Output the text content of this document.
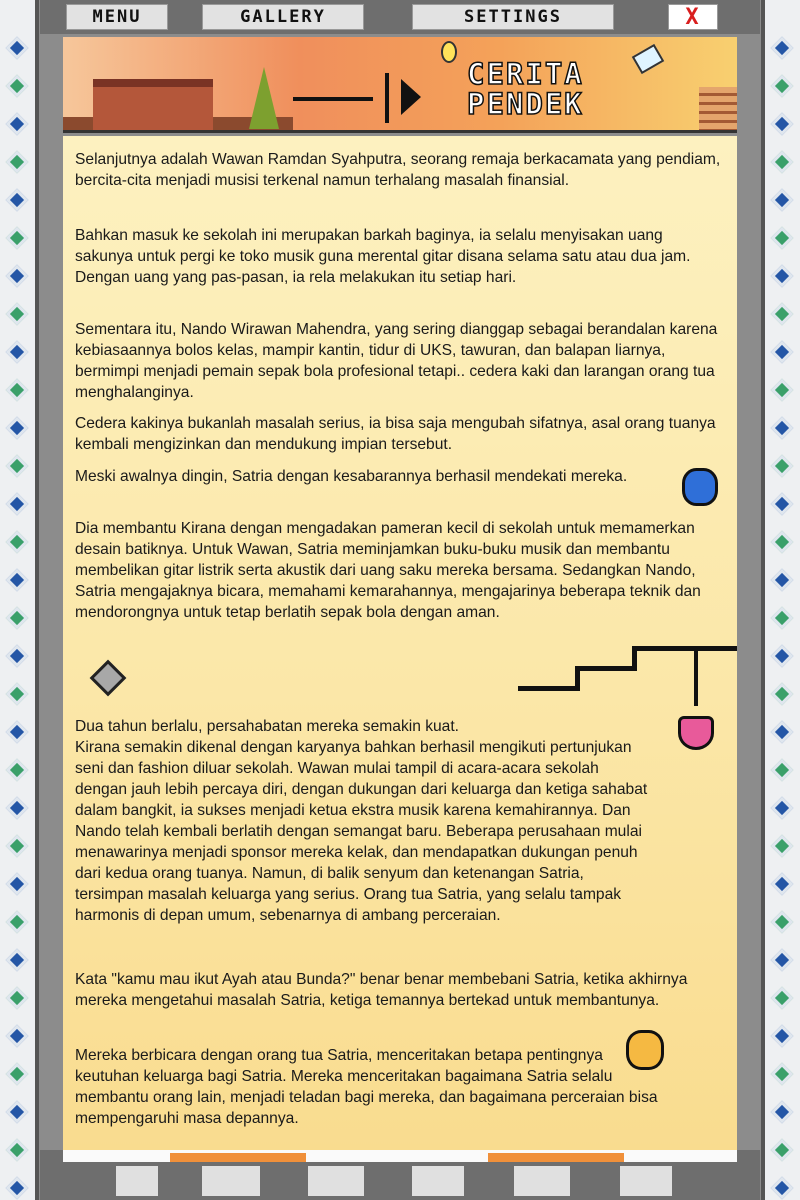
MENU	GALLERY	SETTINGS	X
CERITA
PENDEK

Selanjutnya adalah Wawan Ramdan Syahputra, seorang remaja berkacamata yang pendiam, bercita-cita menjadi musisi terkenal namun terhalang masalah finansial.

Bahkan masuk ke sekolah ini merupakan barkah baginya, ia selalu menyisakan uang sakunya untuk pergi ke toko musik guna merental gitar disana selama satu atau dua jam. Dengan uang yang pas-pasan, ia rela melakukan itu setiap hari.

Sementara itu, Nando Wirawan Mahendra, yang sering dianggap sebagai berandalan karena kebiasaannya bolos kelas, mampir kantin, tidur di UKS, tawuran, dan balapan liarnya, bermimpi menjadi pemain sepak bola profesional tetapi.. cedera kaki dan larangan orang tua menghalanginya.

Cedera kakinya bukanlah masalah serius, ia bisa saja mengubah sifatnya, asal orang tuanya kembali mengizinkan dan mendukung impian tersebut.

Meski awalnya dingin, Satria dengan kesabarannya berhasil mendekati mereka.

Dia membantu Kirana dengan mengadakan pameran kecil di sekolah untuk memamerkan desain batiknya. Untuk Wawan, Satria meminjamkan buku-buku musik dan membantu membelikan gitar listrik serta akustik dari uang saku mereka bersama. Sedangkan Nando, Satria mengajaknya bicara, memahami kemarahannya, mengajarinya beberapa teknik dan mendorongnya untuk tetap berlatih sepak bola dengan aman.

Dua tahun berlalu, persahabatan mereka semakin kuat.

Kirana semakin dikenal dengan karyanya bahkan berhasil mengikuti pertunjukan seni dan fashion diluar sekolah. Wawan mulai tampil di acara-acara sekolah dengan jauh lebih percaya diri, dengan dukungan dari keluarga dan ketiga sahabat dalam bangkit, ia sukses menjadi ketua ekstra musik karena kemahirannya. Dan Nando telah kembali berlatih dengan semangat baru. Beberapa perusahaan mulai menawarinya menjadi sponsor mereka kelak, dan mendapatkan dukungan penuh dari kedua orang tuanya. Namun, di balik senyum dan ketenangan Satria, tersimpan masalah keluarga yang serius. Orang tua Satria, yang selalu tampak harmonis di depan umum, sebenarnya di ambang perceraian.

Kata "kamu mau ikut Ayah atau Bunda?" benar benar membebani Satria, ketika akhirnya mereka mengetahui masalah Satria, ketiga temannya bertekad untuk membantunya.

Mereka berbicara dengan orang tua Satria, menceritakan betapa pentingnya keutuhan keluarga bagi Satria. Mereka menceritakan bagaimana Satria selalu membantu orang lain, menjadi teladan bagi mereka, dan bagaimana perceraian bisa mempengaruhi masa depannya.
